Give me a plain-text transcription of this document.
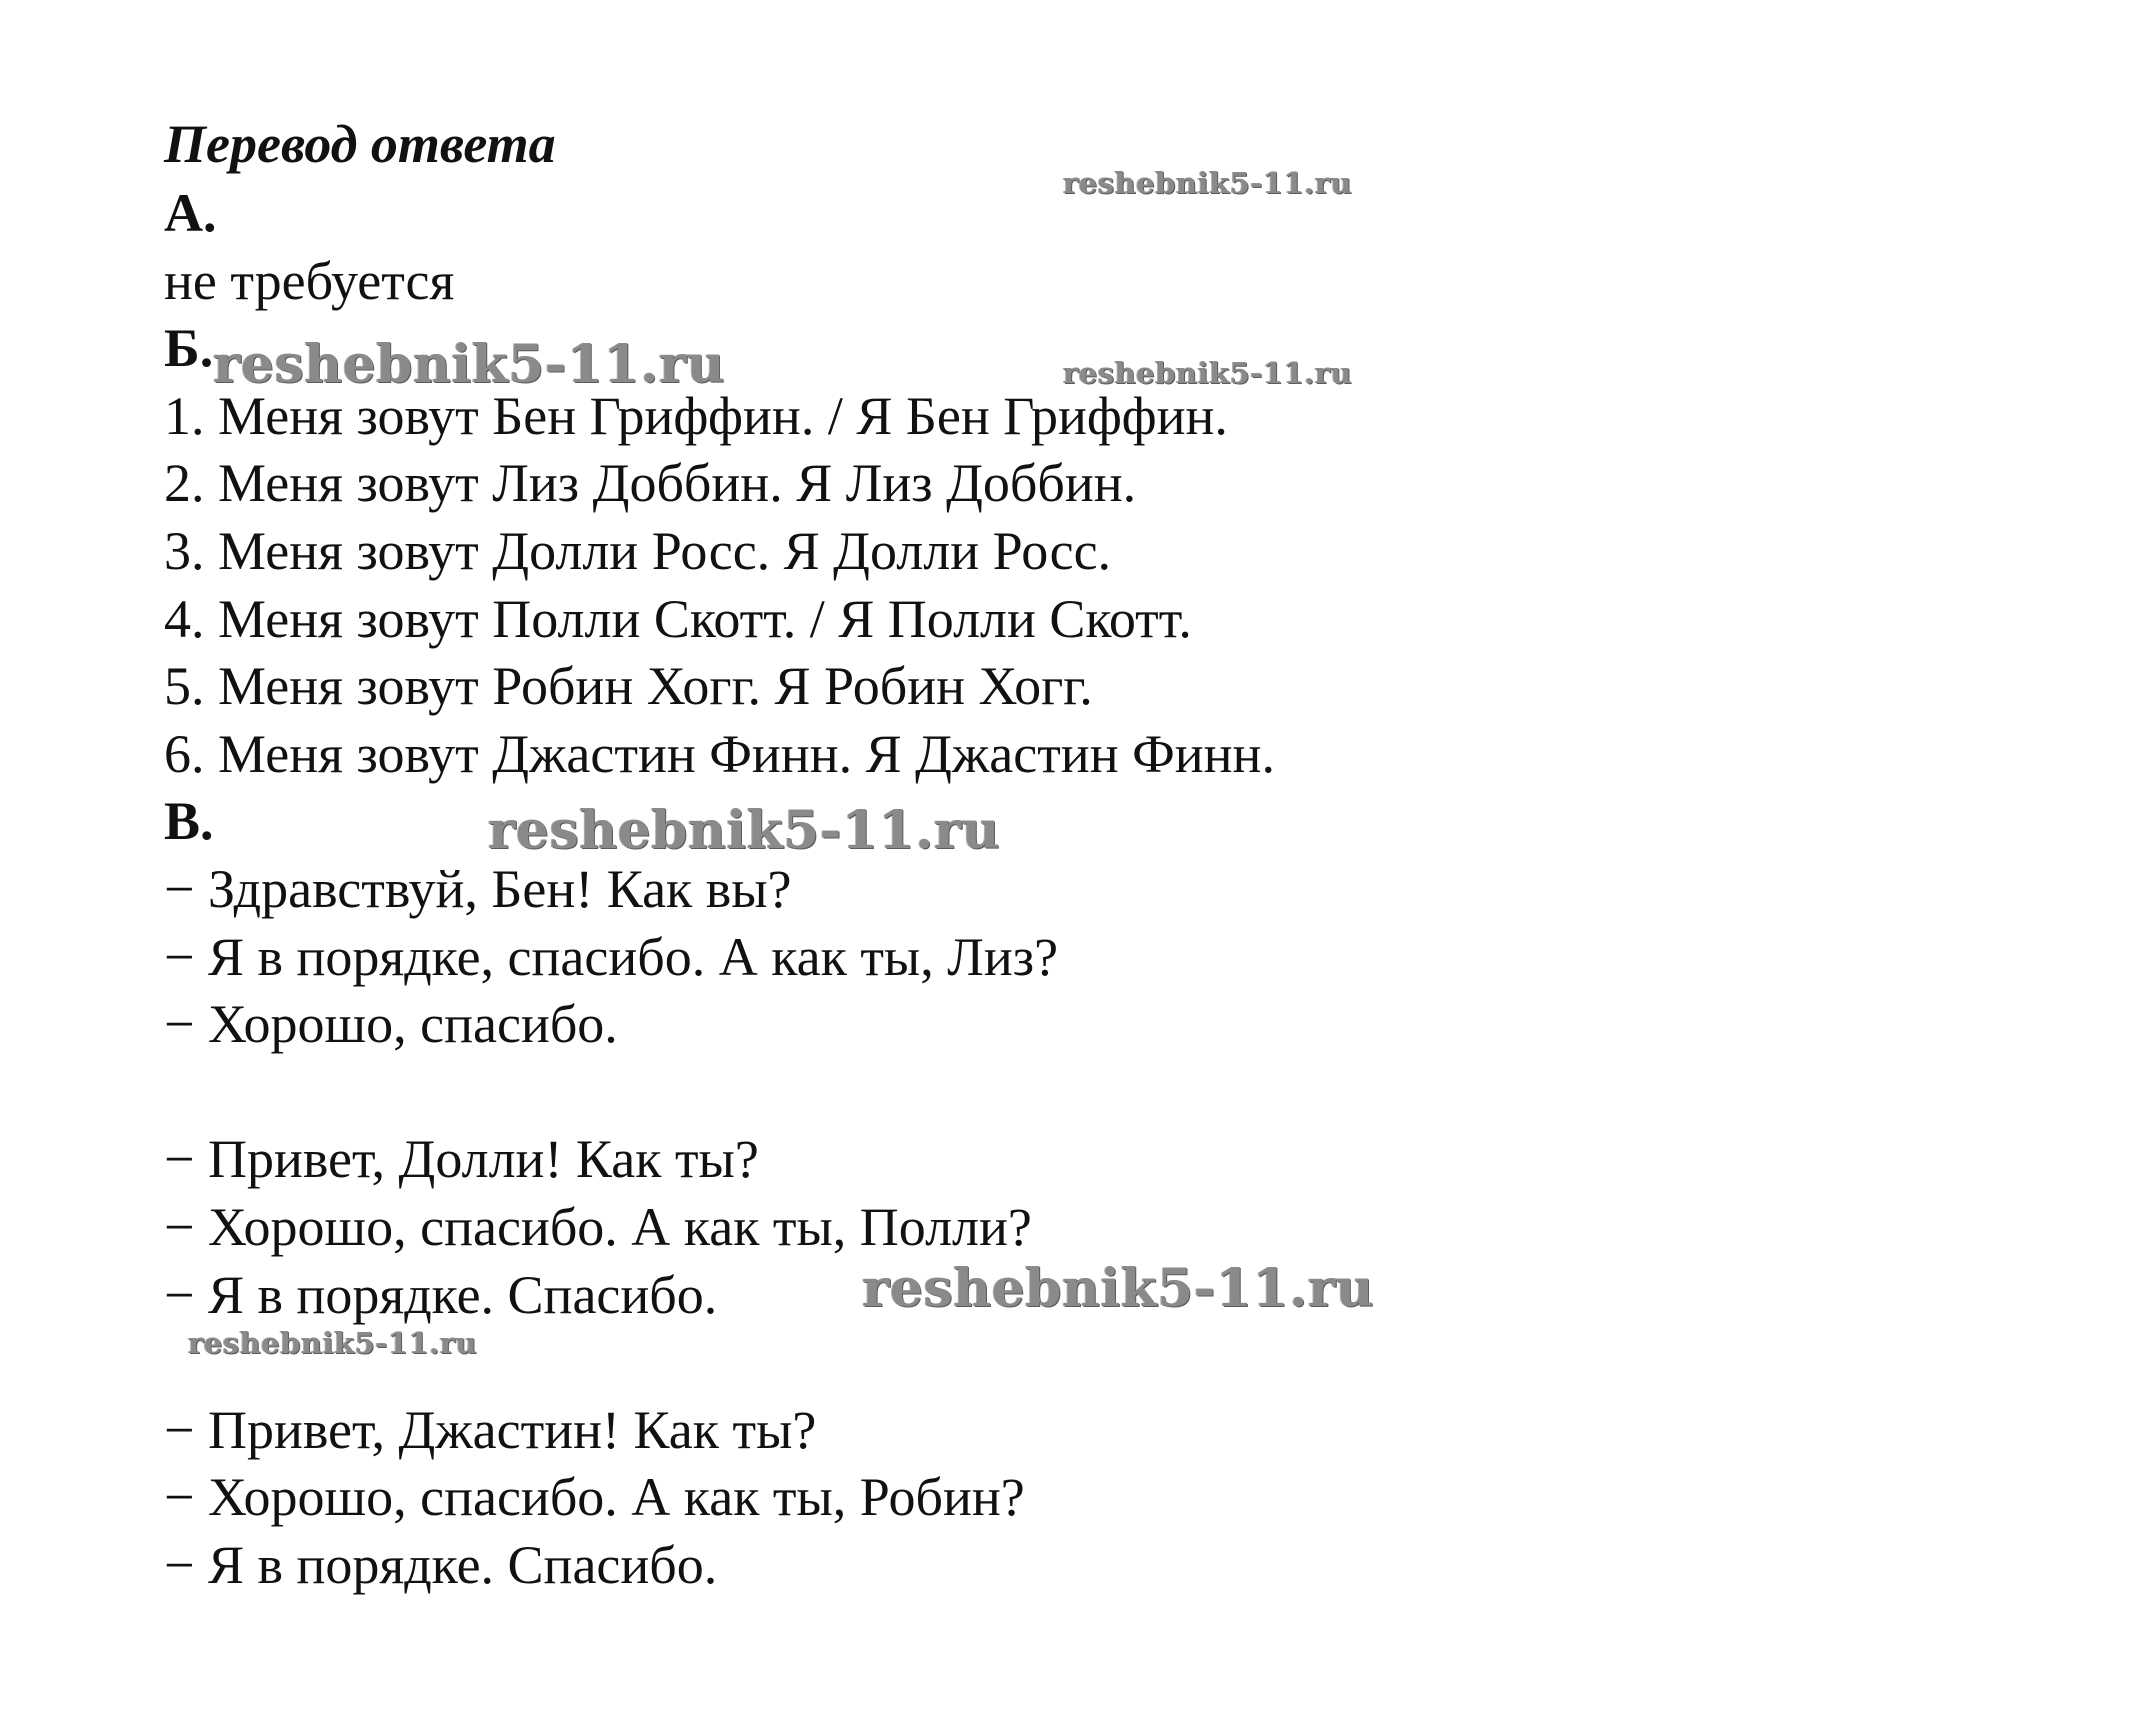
Перевод ответа
А.
не требуется
Б.
1. Меня зовут Бен Гриффин. / Я Бен Гриффин.
2. Меня зовут Лиз Доббин. Я Лиз Доббин.
3. Меня зовут Долли Росс. Я Долли Росс.
4. Меня зовут Полли Скотт. / Я Полли Скотт.
5. Меня зовут Робин Хогг. Я Робин Хогг.
6. Меня зовут Джастин Финн. Я Джастин Финн.
В.
− Здравствуй, Бен! Как вы?
− Я в порядке, спасибо. А как ты, Лиз?
− Хорошо, спасибо.
− Привет, Долли! Как ты?
− Хорошо, спасибо. А как ты, Полли?
− Я в порядке. Спасибо.
− Привет, Джастин! Как ты?
− Хорошо, спасибо. А как ты, Робин?
− Я в порядке. Спасибо.
reshebnik5-11.ru
reshebnik5-11.ru	reshebnik5-11.ru
reshebnik5-11.ru
reshebnik5-11.ru
reshebnik5-11.ru
